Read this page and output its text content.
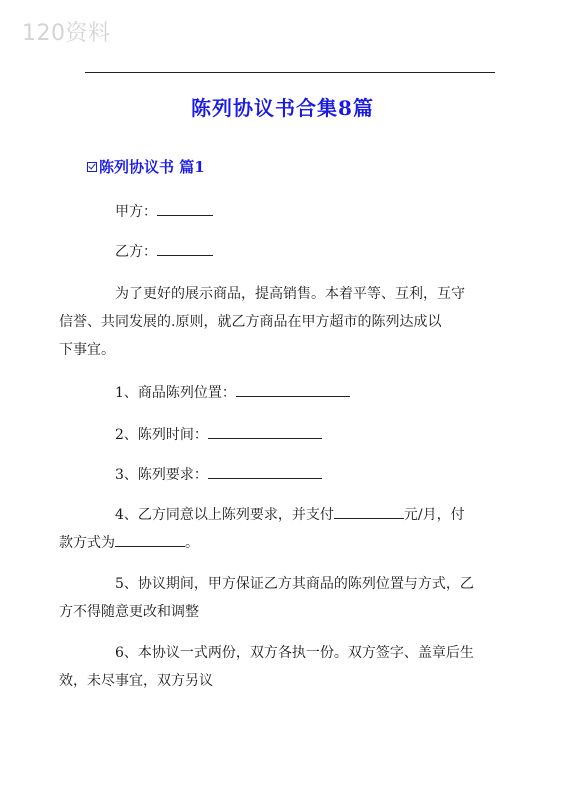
120资料
陈列协议书合集8篇
陈列协议书 篇1
甲方：
乙方：
为了更好的展示商品，提高销售。本着平等、互利，互守
信誉、共同发展的.原则，就乙方商品在甲方超市的陈列达成以
下事宜。
1、商品陈列位置：
2、陈列时间：
3、陈列要求：
4、乙方同意以上陈列要求，并支付	元/月，付
款方式为	。
5、协议期间，甲方保证乙方其商品的陈列位置与方式，乙
方不得随意更改和调整
6、本协议一式两份，双方各执一份。双方签字、盖章后生
效，未尽事宜，双方另议
